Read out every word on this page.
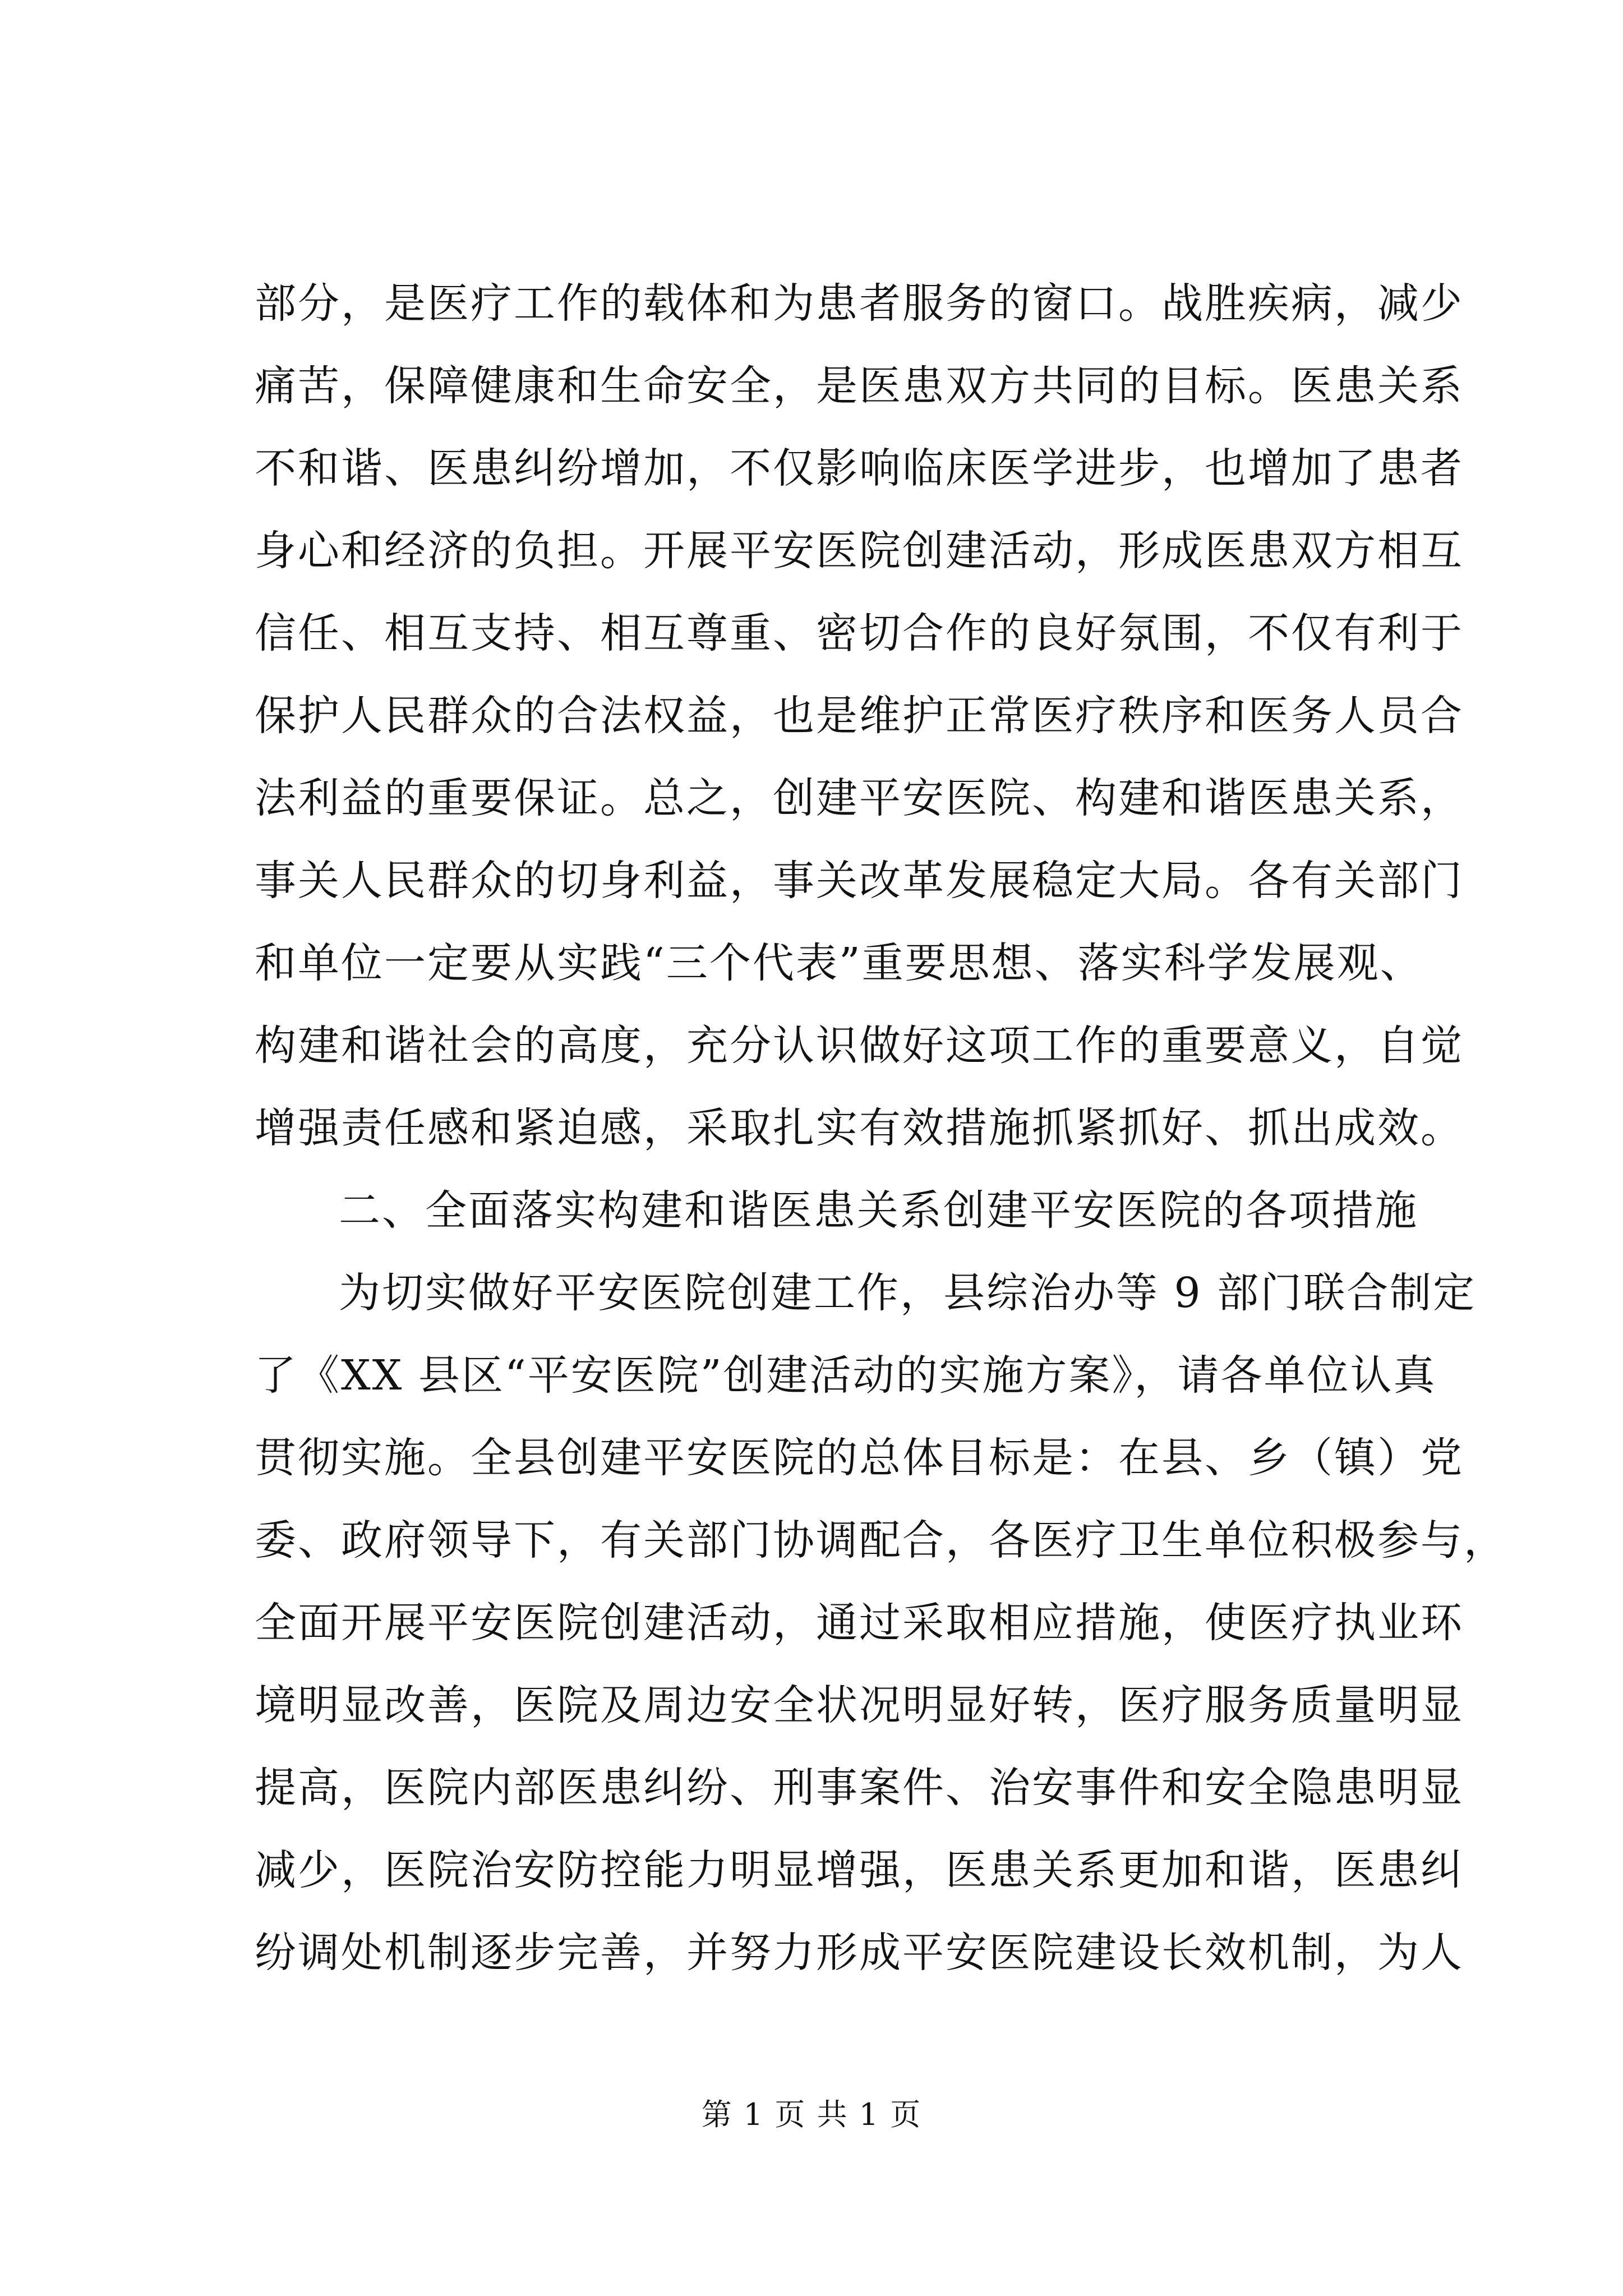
部分，是医疗工作的载体和为患者服务的窗口。战胜疾病，减少
痛苦，保障健康和生命安全，是医患双方共同的目标。医患关系
不和谐、医患纠纷增加，不仅影响临床医学进步，也增加了患者
身心和经济的负担。开展平安医院创建活动，形成医患双方相互
信任、相互支持、相互尊重、密切合作的良好氛围，不仅有利于
保护人民群众的合法权益，也是维护正常医疗秩序和医务人员合
法利益的重要保证。总之，创建平安医院、构建和谐医患关系，
事关人民群众的切身利益，事关改革发展稳定大局。各有关部门
和单位一定要从实践“三个代表”重要思想、落实科学发展观、
构建和谐社会的高度，充分认识做好这项工作的重要意义，自觉
增强责任感和紧迫感，采取扎实有效措施抓紧抓好、抓出成效。
二、全面落实构建和谐医患关系创建平安医院的各项措施
为切实做好平安医院创建工作，县综治办等 9 部门联合制定
了《XX 县区“平安医院”创建活动的实施方案》，请各单位认真
贯彻实施。全县创建平安医院的总体目标是：在县、乡（镇）党
委、政府领导下，有关部门协调配合，各医疗卫生单位积极参与，
全面开展平安医院创建活动，通过采取相应措施，使医疗执业环
境明显改善，医院及周边安全状况明显好转，医疗服务质量明显
提高，医院内部医患纠纷、刑事案件、治安事件和安全隐患明显
减少，医院治安防控能力明显增强，医患关系更加和谐，医患纠
纷调处机制逐步完善，并努力形成平安医院建设长效机制，为人
第 1 页 共 1 页
